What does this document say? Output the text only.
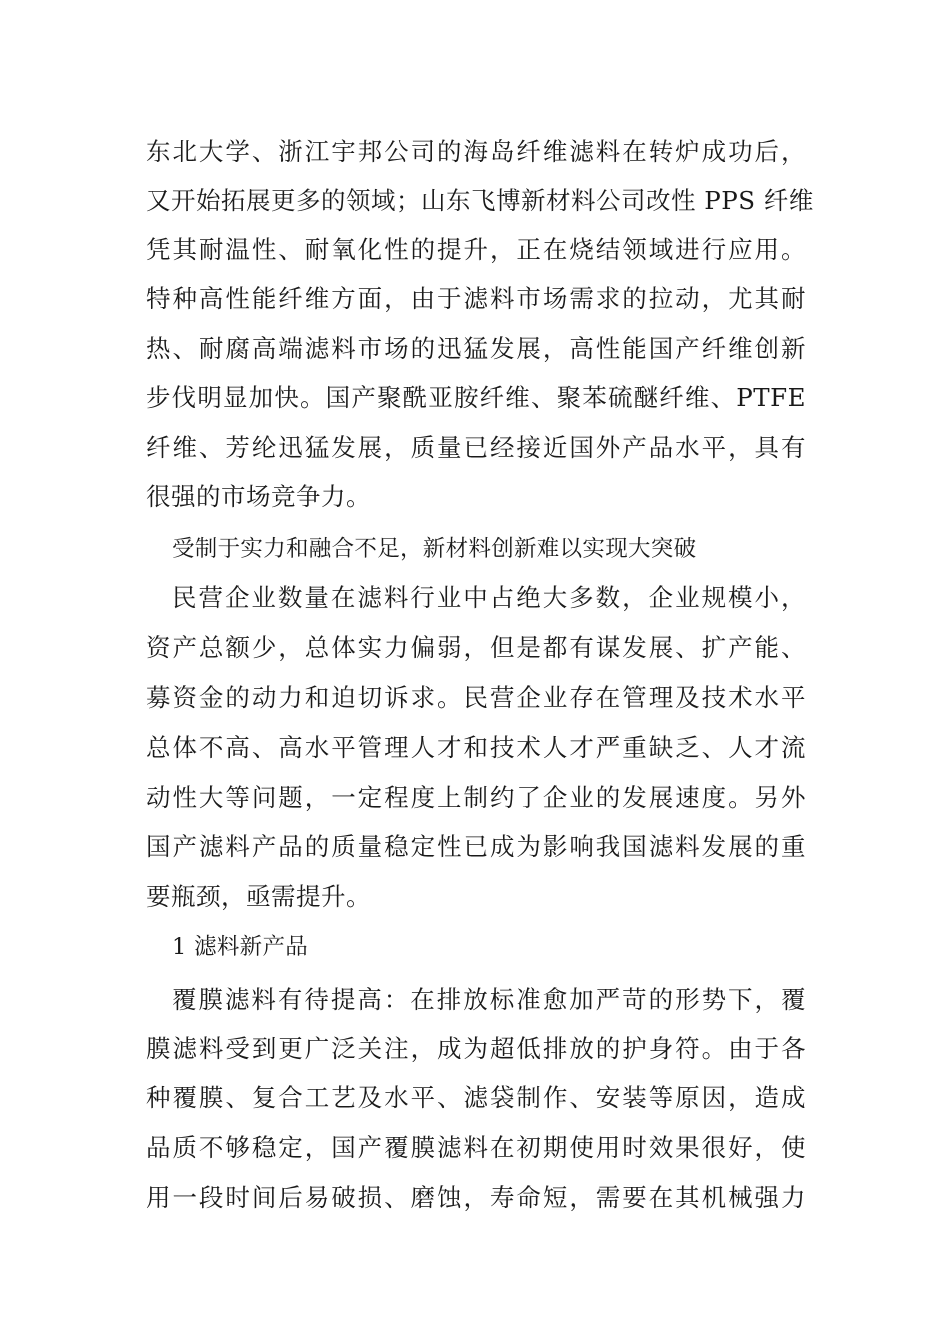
东北大学、浙江宇邦公司的海岛纤维滤料在转炉成功后，
又开始拓展更多的领域；山东飞博新材料公司改性 PPS 纤维
凭其耐温性、耐氧化性的提升，正在烧结领域进行应用。
特种高性能纤维方面，由于滤料市场需求的拉动，尤其耐
热、耐腐高端滤料市场的迅猛发展，高性能国产纤维创新
步伐明显加快。国产聚酰亚胺纤维、聚苯硫醚纤维、PTFE
纤维、芳纶迅猛发展，质量已经接近国外产品水平，具有
很强的市场竞争力。
受制于实力和融合不足，新材料创新难以实现大突破
民营企业数量在滤料行业中占绝大多数，企业规模小，
资产总额少，总体实力偏弱，但是都有谋发展、扩产能、
募资金的动力和迫切诉求。民营企业存在管理及技术水平
总体不高、高水平管理人才和技术人才严重缺乏、人才流
动性大等问题，一定程度上制约了企业的发展速度。另外
国产滤料产品的质量稳定性已成为影响我国滤料发展的重
要瓶颈，亟需提升。
1 滤料新产品
覆膜滤料有待提高：在排放标准愈加严苛的形势下，覆
膜滤料受到更广泛关注，成为超低排放的护身符。由于各
种覆膜、复合工艺及水平、滤袋制作、安装等原因，造成
品质不够稳定，国产覆膜滤料在初期使用时效果很好，使
用一段时间后易破损、磨蚀，寿命短，需要在其机械强力
